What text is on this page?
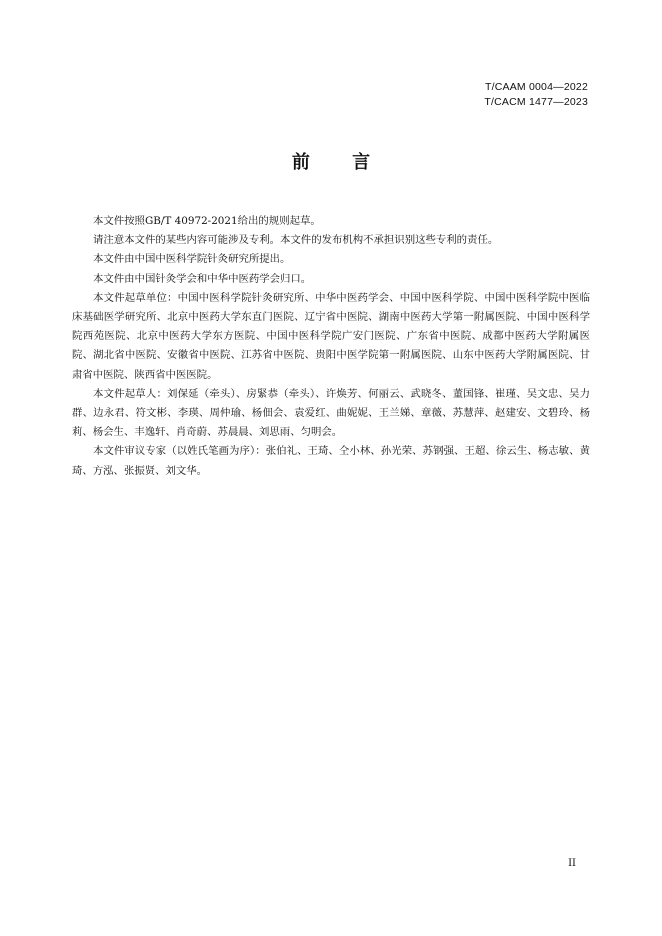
T/CAAM 0004—2022
T/CACM 1477—2023
前 言

本文件按照GB/T 40972-2021给出的规则起草。

请注意本文件的某些内容可能涉及专利。本文件的发布机构不承担识别这些专利的责任。

本文件由中国中医科学院针灸研究所提出。

本文件由中国针灸学会和中华中医药学会归口。

本文件起草单位：中国中医科学院针灸研究所、中华中医药学会、中国中医科学院、中国中医科学院中医临床基础医学研究所、北京中医药大学东直门医院、辽宁省中医院、湖南中医药大学第一附属医院、中国中医科学院西苑医院、北京中医药大学东方医院、中国中医科学院广安门医院、广东省中医院、成都中医药大学附属医院、湖北省中医院、安徽省中医院、江苏省中医院、贵阳中医学院第一附属医院、山东中医药大学附属医院、甘肃省中医院、陕西省中医医院。

本文件起草人：刘保延（牵头）、房緊恭（牵头）、许焕芳、何丽云、武晓冬、董国锋、崔瑾、吴文忠、吴力群、边永君、符文彬、李瑛、周仲瑜、杨佃会、袁爱红、曲妮妮、王兰娣、章薇、苏慧萍、赵建安、文碧玲、杨莉、杨会生、丰逸轩、肖奇蔚、苏晨晨、刘思雨、匀明会。

本文件审议专家（以姓氏笔画为序）：张伯礼、王琦、仝小林、孙光荣、苏钢强、王超、徐云生、杨志敏、黄琦、方泓、张振贤、刘文华。

II
